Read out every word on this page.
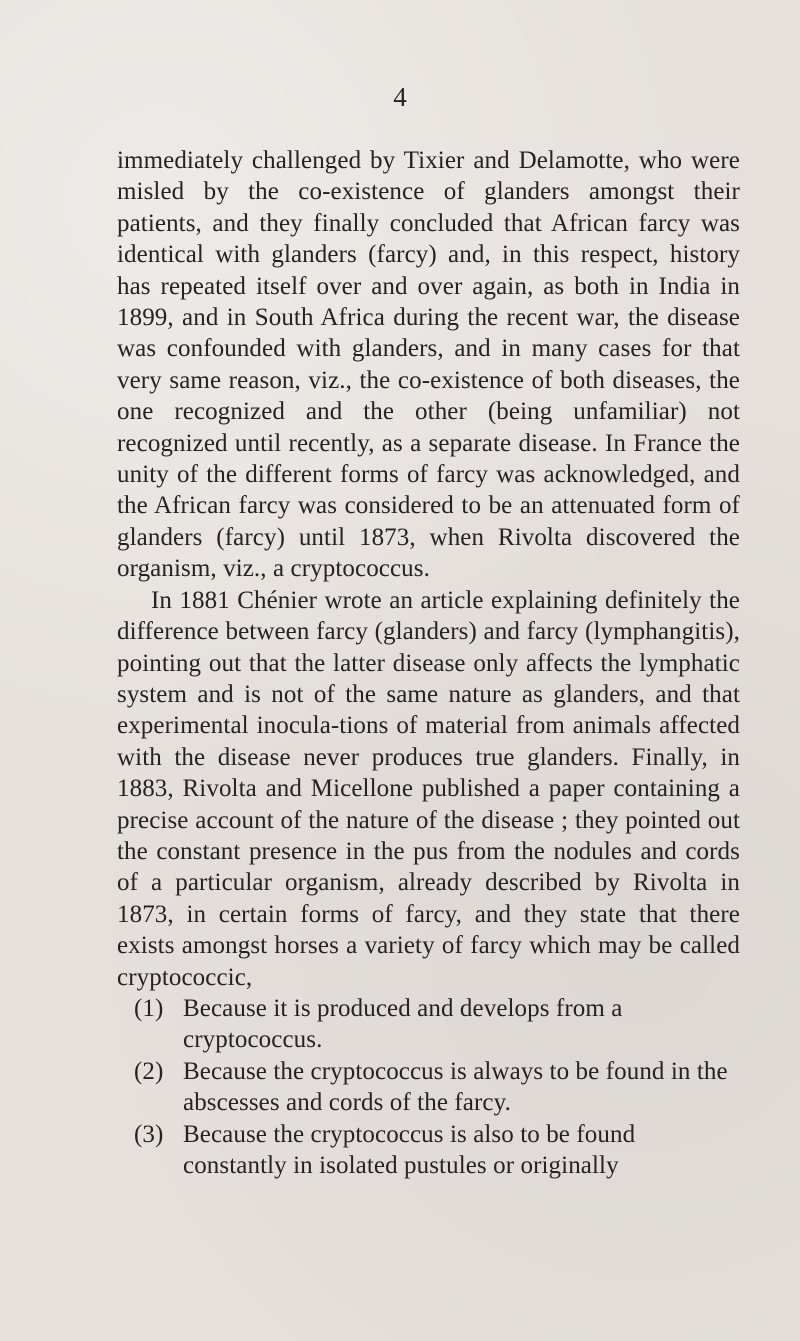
4

immediately challenged by Tixier and Delamotte, who were misled by the co-existence of glanders amongst their patients, and they finally concluded that African farcy was identical with glanders (farcy) and, in this respect, history has repeated itself over and over again, as both in India in 1899, and in South Africa during the recent war, the disease was confounded with glanders, and in many cases for that very same reason, viz., the co-existence of both diseases, the one recognized and the other (being unfamiliar) not recognized until recently, as a separate disease. In France the unity of the different forms of farcy was acknowledged, and the African farcy was considered to be an attenuated form of glanders (farcy) until 1873, when Rivolta discovered the organism, viz., a cryptococcus.

In 1881 Chénier wrote an article explaining definitely the difference between farcy (glanders) and farcy (lymphangitis), pointing out that the latter disease only affects the lymphatic system and is not of the same nature as glanders, and that experimental inocula-tions of material from animals affected with the disease never produces true glanders. Finally, in 1883, Rivolta and Micellone published a paper containing a precise account of the nature of the disease ; they pointed out the constant presence in the pus from the nodules and cords of a particular organism, already described by Rivolta in 1873, in certain forms of farcy, and they state that there exists amongst horses a variety of farcy which may be called cryptococcic,

(1) Because it is produced and develops from a cryptococcus.
(2) Because the cryptococcus is always to be found in the abscesses and cords of the farcy.
(3) Because the cryptococcus is also to be found constantly in isolated pustules or originally
